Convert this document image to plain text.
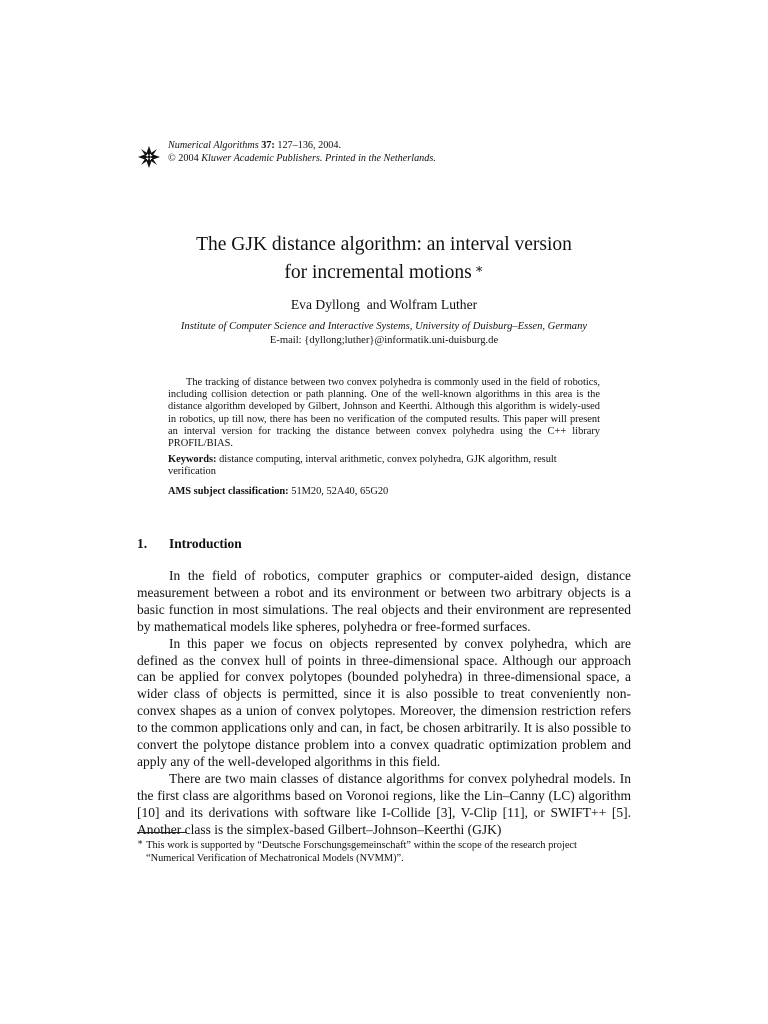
Numerical Algorithms 37: 127–136, 2004.
© 2004 Kluwer Academic Publishers. Printed in the Netherlands.
The GJK distance algorithm: an interval version
for incremental motions ∗
Eva Dyllong  and Wolfram Luther
Institute of Computer Science and Interactive Systems, University of Duisburg–Essen, Germany
E-mail: {dyllong;luther}@informatik.uni-duisburg.de

The tracking of distance between two convex polyhedra is commonly used in the field of robotics, including collision detection or path planning. One of the well-known algorithms in this area is the distance algorithm developed by Gilbert, Johnson and Keerthi. Although this algorithm is widely-used in robotics, up till now, there has been no verification of the computed results. This paper will present an interval version for tracking the distance between convex polyhedra using the C++ library PROFIL/BIAS.

Keywords: distance computing, interval arithmetic, convex polyhedra, GJK algorithm, result verification

AMS subject classification: 51M20, 52A40, 65G20

1. Introduction

In the field of robotics, computer graphics or computer-aided design, distance measurement between a robot and its environment or between two arbitrary objects is a basic function in most simulations. The real objects and their environment are represented by mathematical models like spheres, polyhedra or free-formed surfaces.

In this paper we focus on objects represented by convex polyhedra, which are defined as the convex hull of points in three-dimensional space. Although our approach can be applied for convex polytopes (bounded polyhedra) in three-dimensional space, a wider class of objects is permitted, since it is also possible to treat conveniently non-convex shapes as a union of convex polytopes. Moreover, the dimension restriction refers to the common applications only and can, in fact, be chosen arbitrarily. It is also possible to convert the polytope distance problem into a convex quadratic optimization problem and apply any of the well-developed algorithms in this field.

There are two main classes of distance algorithms for convex polyhedral models. In the first class are algorithms based on Voronoi regions, like the Lin–Canny (LC) algorithm [10] and its derivations with software like I-Collide [3], V-Clip [11], or SWIFT++ [5]. Another class is the simplex-based Gilbert–Johnson–Keerthi (GJK)

∗ This work is supported by “Deutsche Forschungsgemeinschaft” within the scope of the research project
“Numerical Verification of Mechatronical Models (NVMM)”.
